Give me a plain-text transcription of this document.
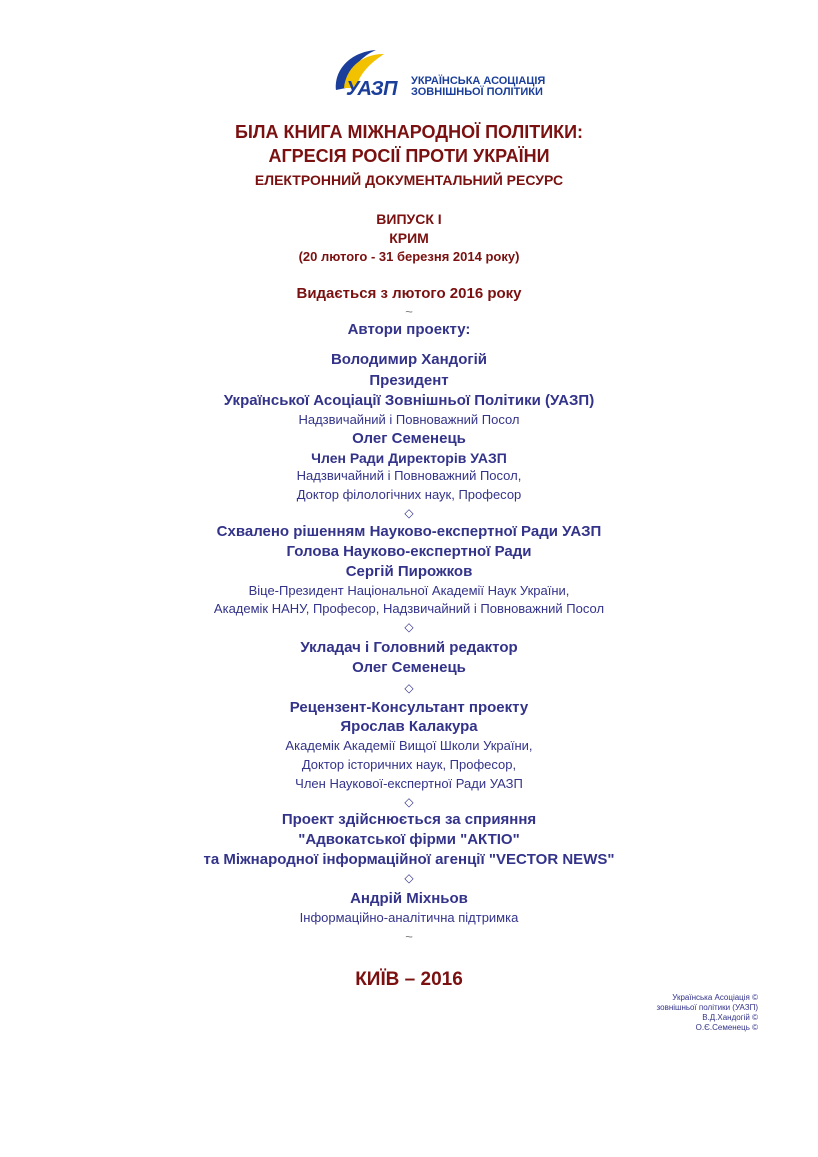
УАЗП УКРАЇНСЬКА АСОЦІАЦІЯ
ЗОВНІШНЬОЇ ПОЛІТИКИ

БІЛА КНИГА МІЖНАРОДНОЇ ПОЛІТИКИ:

АГРЕСІЯ РОСІЇ ПРОТИ УКРАЇНИ

ЕЛЕКТРОННИЙ ДОКУМЕНТАЛЬНИЙ РЕСУРС

ВИПУСК І

КРИМ

(20 лютого - 31 березня 2014 року)

Видається з лютого 2016 року

~

Автори проекту:

Володимир Хандогій

Президент

Української Асоціації Зовнішньої Політики (УАЗП)

Надзвичайний і Повноважний Посол

Олег Семенець

Член Ради Директорів УАЗП

Надзвичайний і Повноважний Посол,

Доктор філологічних наук, Професор

◇

Схвалено рішенням Науково-експертної Ради УАЗП

Голова Науково-експертної Ради

Сергій Пирожков

Віце-Президент Національної Академії Наук України,

Академік НАНУ, Професор, Надзвичайний і Повноважний Посол

◇

Укладач і Головний редактор

Олег Семенець

◇

Рецензент-Консультант проекту

Ярослав Калакура

Академік Академії Вищої Школи України,

Доктор історичних наук, Професор,

Член Наукової-експертної Ради УАЗП

◇

Проект здійснюється за сприяння

"Адвокатської фірми "АКТІО"

та Міжнародної інформаційної агенції "VECTOR NEWS"

◇

Андрій Міхньов

Інформаційно-аналітична підтримка

~

КИЇВ – 2016

Українська Асоціація ©

зовнішньої політики (УАЗП)

В.Д.Хандогій ©

О.Є.Семенець ©
